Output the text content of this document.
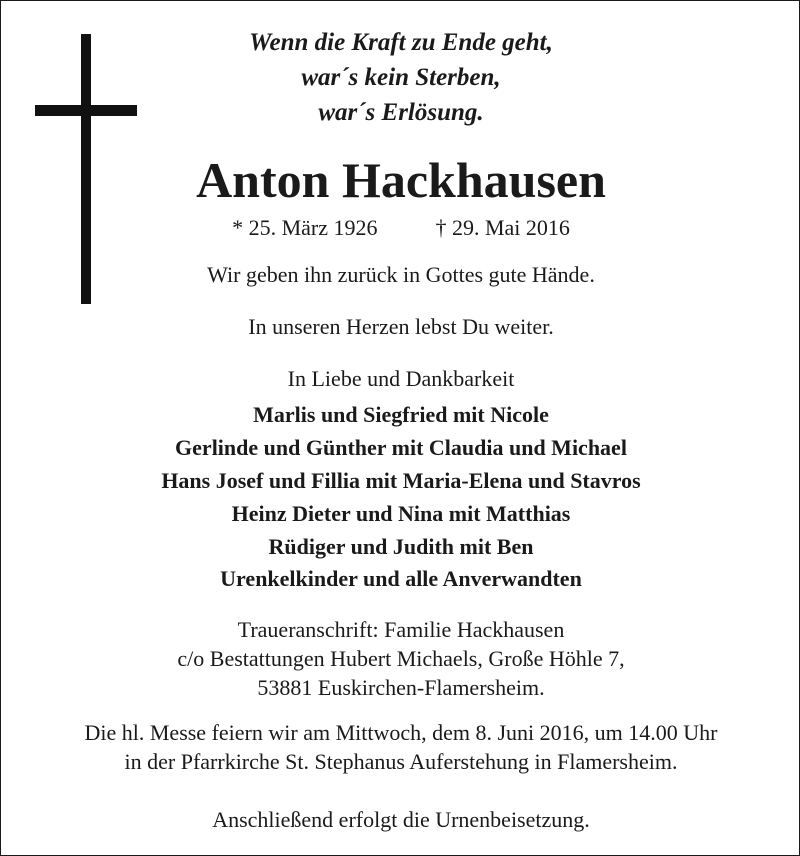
Wenn die Kraft zu Ende geht,
war´s kein Sterben,
war´s Erlösung.
Anton Hackhausen
* 25. März 1926	† 29. Mai 2016
Wir geben ihn zurück in Gottes gute Hände.
In unseren Herzen lebst Du weiter.
In Liebe und Dankbarkeit
Marlis und Siegfried mit Nicole
Gerlinde und Günther mit Claudia und Michael
Hans Josef und Fillia mit Maria-Elena und Stavros
Heinz Dieter und Nina mit Matthias
Rüdiger und Judith mit Ben
Urenkelkinder und alle Anverwandten
Traueranschrift: Familie Hackhausen
c/o Bestattungen Hubert Michaels, Große Höhle 7,
53881 Euskirchen-Flamersheim.
Die hl. Messe feiern wir am Mittwoch, dem 8. Juni 2016, um 14.00 Uhr
in der Pfarrkirche St. Stephanus Auferstehung in Flamersheim.
Anschließend erfolgt die Urnenbeisetzung.
